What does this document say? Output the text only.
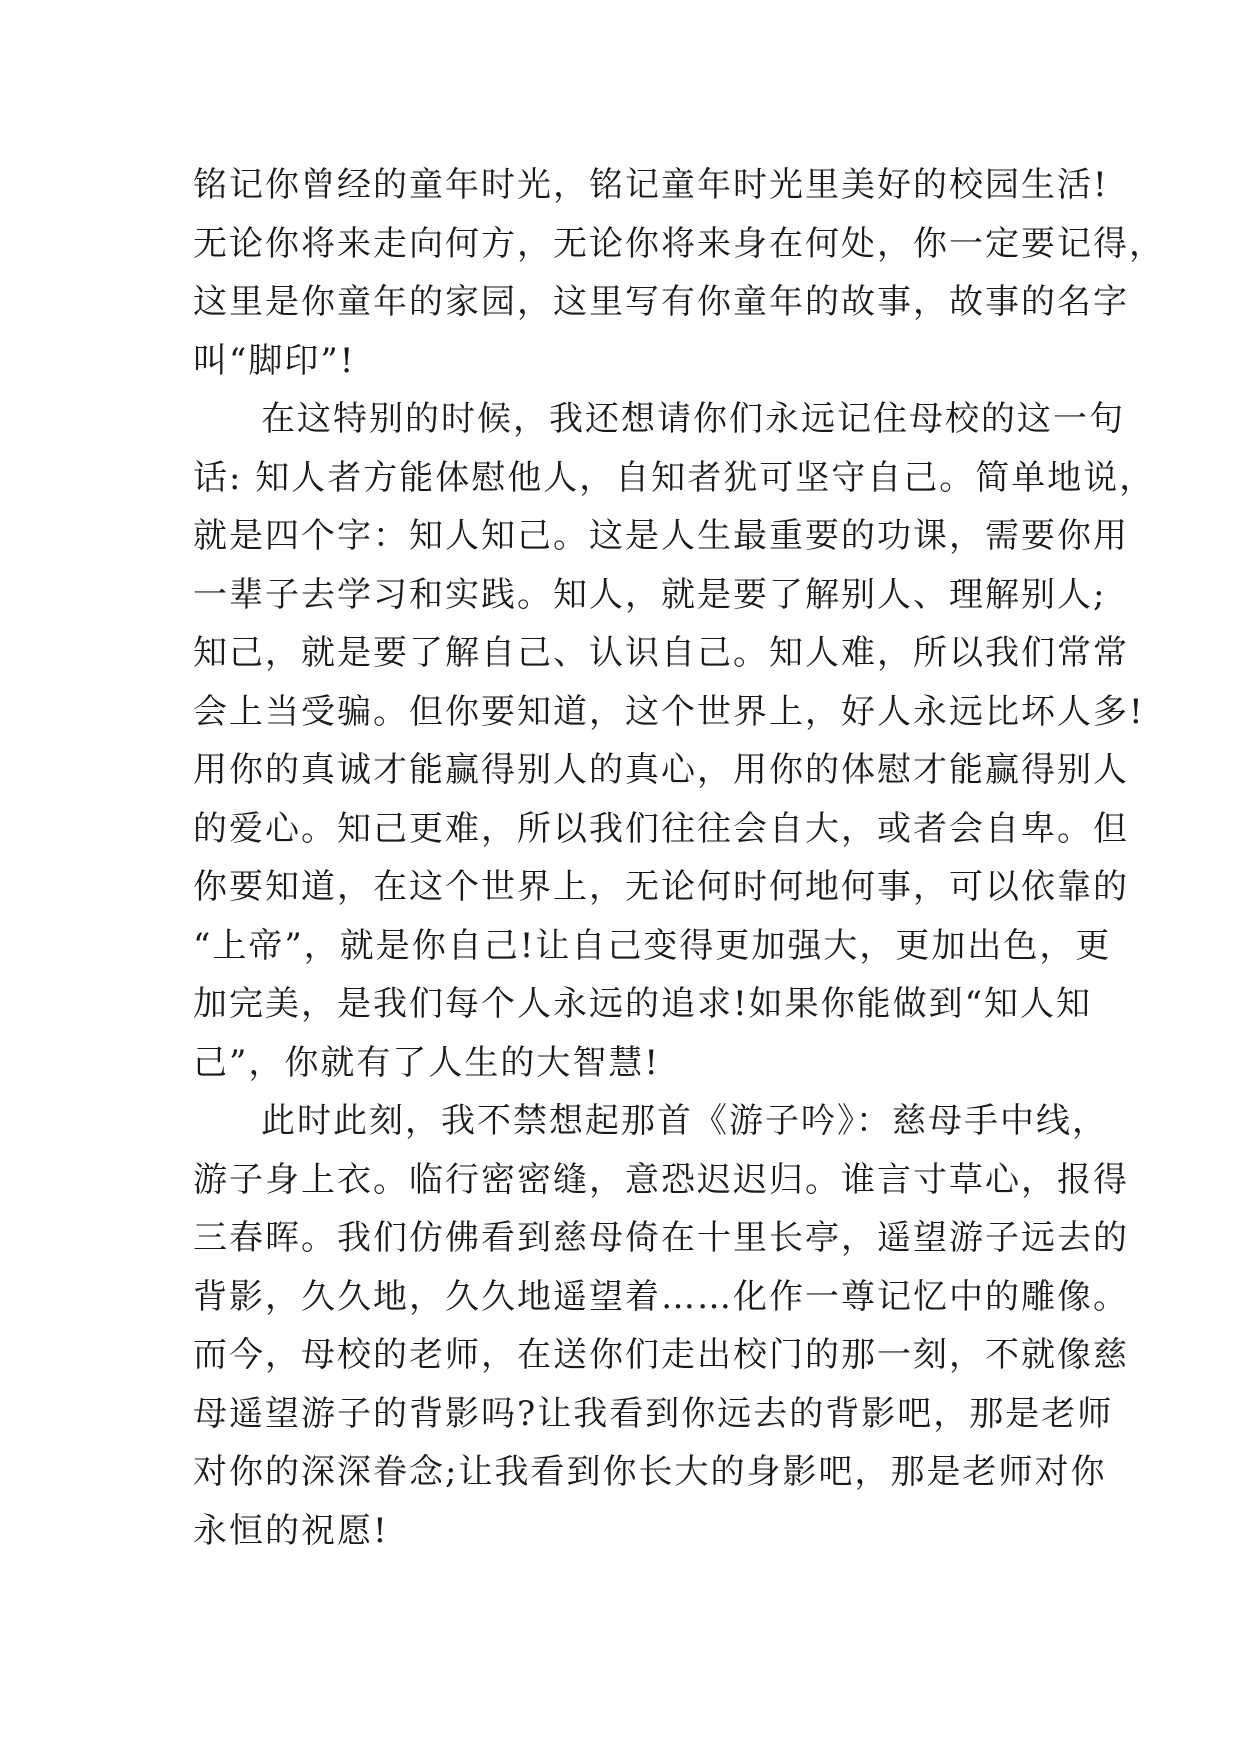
铭记你曾经的童年时光，铭记童年时光里美好的校园生活!
无论你将来走向何方，无论你将来身在何处，你一定要记得，
这里是你童年的家园，这里写有你童年的故事，故事的名字
叫“脚印”!
在这特别的时候，我还想请你们永远记住母校的这一句
话: 知人者方能体慰他人，自知者犹可坚守自己。简单地说，
就是四个字：知人知己。这是人生最重要的功课，需要你用
一辈子去学习和实践。知人，就是要了解别人、理解别人;
知己，就是要了解自己、认识自己。知人难，所以我们常常
会上当受骗。但你要知道，这个世界上，好人永远比坏人多!
用你的真诚才能赢得别人的真心，用你的体慰才能赢得别人
的爱心。知己更难，所以我们往往会自大，或者会自卑。但
你要知道，在这个世界上，无论何时何地何事，可以依靠的
“上帝”，就是你自己!让自己变得更加强大，更加出色，更
加完美，是我们每个人永远的追求!如果你能做到“知人知
己”，你就有了人生的大智慧!
此时此刻，我不禁想起那首《游子吟》：慈母手中线，
游子身上衣。临行密密缝，意恐迟迟归。谁言寸草心，报得
三春晖。我们仿佛看到慈母倚在十里长亭，遥望游子远去的
背影，久久地，久久地遥望着……化作一尊记忆中的雕像。
而今，母校的老师，在送你们走出校门的那一刻，不就像慈
母遥望游子的背影吗?让我看到你远去的背影吧，那是老师
对你的深深眷念;让我看到你长大的身影吧，那是老师对你
永恒的祝愿!
